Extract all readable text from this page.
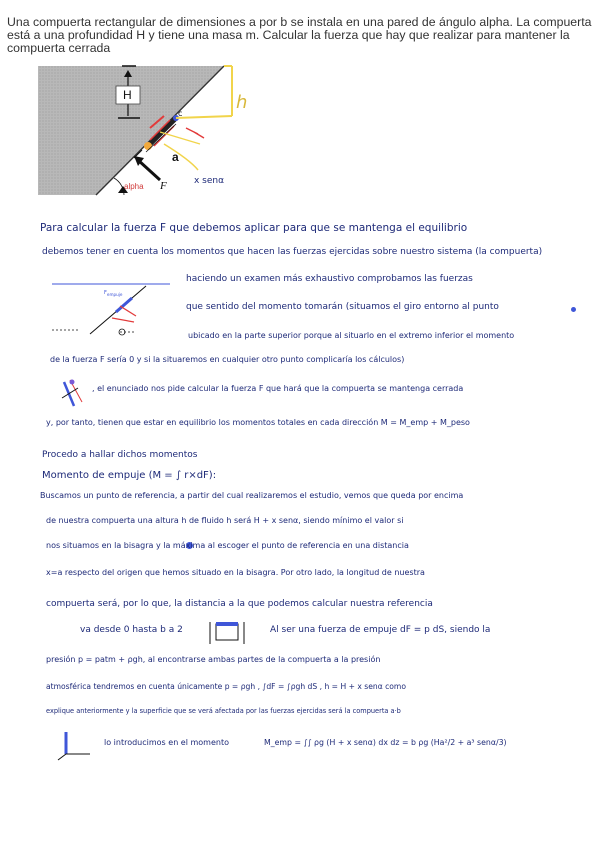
Una compuerta rectangular de dimensiones a por b se instala en una pared de ángulo alpha. La compuerta está a una profundidad H y tiene una masa m. Calcular la fuerza que hay que realizar para mantener la compuerta cerrada
H
a
alpha F
c
h
x senα
Para calcular la fuerza F que debemos aplicar para que se mantenga el equilibrio
debemos tener en cuenta los momentos que hacen las fuerzas ejercidas sobre nuestro sistema (la compuerta)
$F_{empuje}$
haciendo un examen más exhaustivo comprobamos las fuerzas
que sentido del momento tomarán (situamos el giro entorno al punto
ubicado en la parte superior porque al situarlo en el extremo inferior el momento
de la fuerza F sería 0 y si la situaremos en cualquier otro punto complicaría los cálculos)
, el enunciado nos pide calcular la fuerza F que hará que la compuerta se mantenga cerrada
y, por tanto, tienen que estar en equilibrio los momentos totales en cada dirección M = M_emp + M_peso
Procedo a hallar dichos momentos
Momento de empuje (M = ∫ r×dF):
Buscamos un punto de referencia, a partir del cual realizaremos el estudio, vemos que queda por encima
de nuestra compuerta una altura h de fluido h será H + x senα, siendo mínimo el valor si
nos situamos en la bisagra y la máxima al escoger el punto de referencia en una distancia
x=a respecto del origen que hemos situado en la bisagra. Por otro lado, la longitud de nuestra
compuerta será, por lo que, la distancia a la que podemos calcular nuestra referencia
va desde 0 hasta b a 2	Al ser una fuerza de empuje dF = p dS, siendo la
presión p = patm + ρgh, al encontrarse ambas partes de la compuerta a la presión
atmosférica tendremos en cuenta únicamente p = ρgh , ∫dF = ∫ρgh dS , h = H + x senα como
explique anteriormente y la superficie que se verá afectada por las fuerzas ejercidas será la compuerta a·b
lo introducimos en el momento	M_emp = ∫∫ ρg (H + x senα) dx dz = b ρg (Ha²/2 + a³ senα/3)
